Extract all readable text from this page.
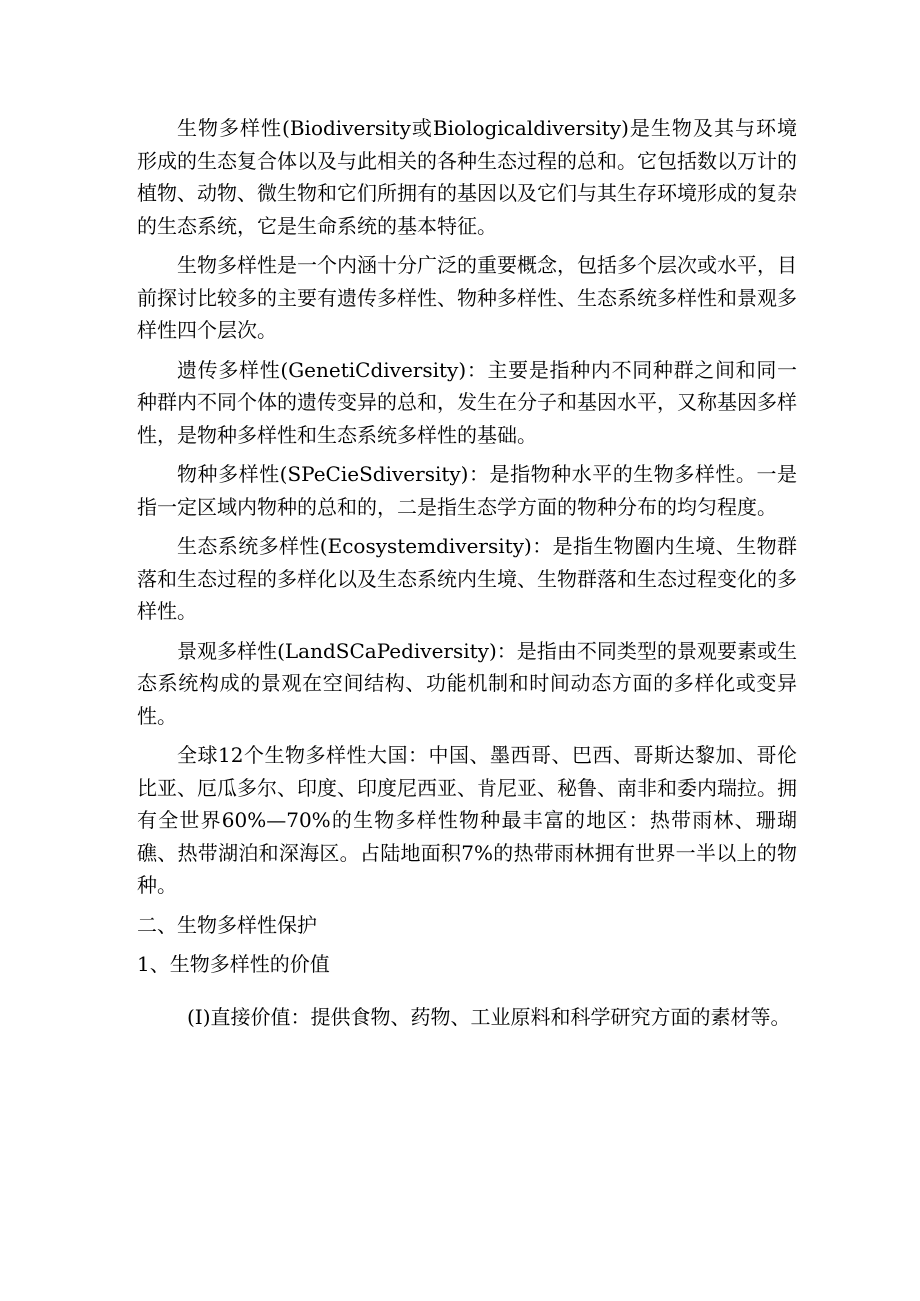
生物多样性(Biodiversity或Biologicaldiversity)是生物及其与环境形成的生态复合体以及与此相关的各种生态过程的总和。它包括数以万计的植物、动物、微生物和它们所拥有的基因以及它们与其生存环境形成的复杂的生态系统，它是生命系统的基本特征。

生物多样性是一个内涵十分广泛的重要概念，包括多个层次或水平，目前探讨比较多的主要有遗传多样性、物种多样性、生态系统多样性和景观多样性四个层次。

遗传多样性(GenetiCdiversity)：主要是指种内不同种群之间和同一种群内不同个体的遗传变异的总和，发生在分子和基因水平，又称基因多样性，是物种多样性和生态系统多样性的基础。

物种多样性(SPeCieSdiversity)：是指物种水平的生物多样性。一是指一定区域内物种的总和的，二是指生态学方面的物种分布的均匀程度。

生态系统多样性(Ecosystemdiversity)：是指生物圈内生境、生物群落和生态过程的多样化以及生态系统内生境、生物群落和生态过程变化的多样性。

景观多样性(LandSCaPediversity)：是指由不同类型的景观要素或生态系统构成的景观在空间结构、功能机制和时间动态方面的多样化或变异性。

全球12个生物多样性大国：中国、墨西哥、巴西、哥斯达黎加、哥伦比亚、厄瓜多尔、印度、印度尼西亚、肯尼亚、秘鲁、南非和委内瑞拉。拥有全世界60%—70%的生物多样性物种最丰富的地区：热带雨林、珊瑚礁、热带湖泊和深海区。占陆地面积7%的热带雨林拥有世界一半以上的物种。

二、生物多样性保护

1、生物多样性的价值

(I)直接价值：提供食物、药物、工业原料和科学研究方面的素材等。
